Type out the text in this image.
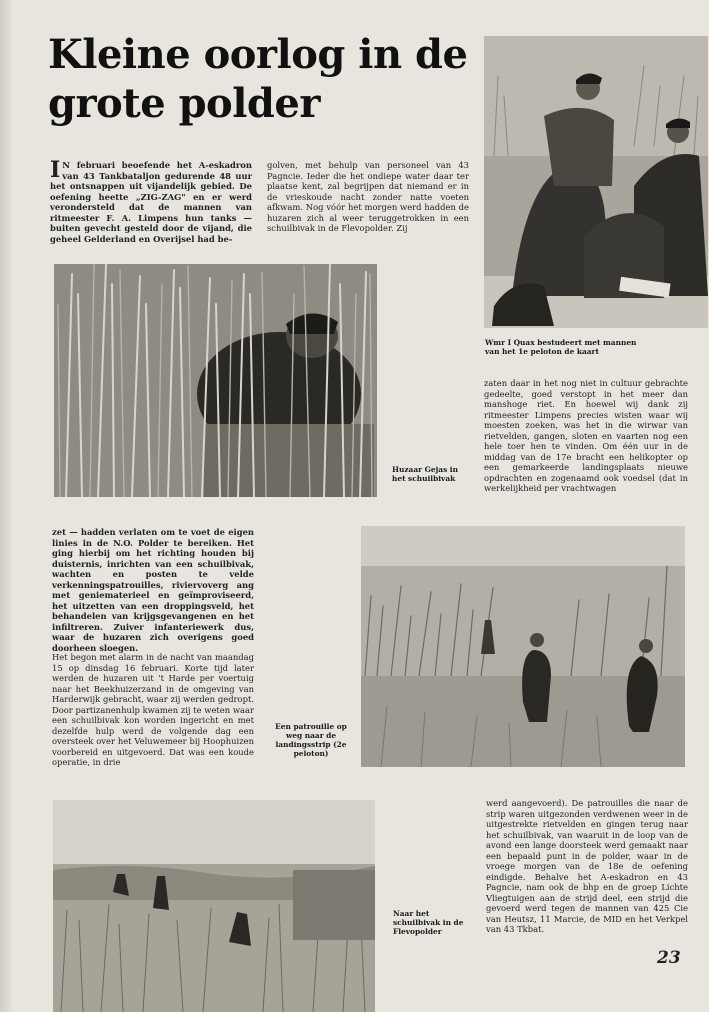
Kleine oorlog in de grote polder

I N februari beoefende het A-eskadron van 43 Tankbataljon gedurende 48 uur het ontsnappen uit vijandelijk gebied. De oefening heette „ZIG-ZAG" en er werd verondersteld dat de mannen van ritmeester F. A. Limpens hun tanks — buiten gevecht gesteld door de vijand, die geheel Gelderland en Overijsel had be-

golven, met behulp van personeel van 43 Pagncie. Ieder die het ondiepe water daar ter plaatse kent, zal begrijpen dat niemand er in de vrieskoude nacht zonder natte voeten afkwam. Nog vóór het morgen werd hadden de huzaren zich al weer teruggetrokken in een schuilbivak in de Flevopolder. Zij

Wmr I Quax bestudeert met mannen van het 1e peloton de kaart

Huzaar Gejas in het schuilbivak

zaten daar in het nog niet in cultuur gebrachte gedeelte, goed verstopt in het meer dan manshoge riet. En hoewel wij dank zij ritmeester Limpens precies wisten waar wij moesten zoeken, was het in die wirwar van rietvelden, gangen, sloten en vaarten nog een hele toer hen te vinden. Om één uur in de middag van de 17e bracht een helikopter op een gemarkeerde landingsplaats nieuwe opdrachten en zogenaamd ook voedsel (dat in werkelijkheid per vrachtwagen

zet — hadden verlaten om te voet de eigen linies in de N.O. Polder te bereiken. Het ging hierbij om het richting houden bij duisternis, inrichten van een schuilbivak, wachten en posten te velde verkenningspatrouilles, riviervoverg ang met geniematerieel en geïmproviseerd, het uitzetten van een droppingsveld, het behandelen van krijgsgevangenen en het infiltreren. Zuiver infanteriewerk dus, waar de huzaren zich overigens goed doorheen sloegen.

Het begon met alarm in de nacht van maandag 15 op dinsdag 16 februari. Korte tijd later werden de huzaren uit 't Harde per voertuig naar het Beekhuizerzand in de omgeving van Harderwijk gebracht, waar zij werden gedropt. Door partizanenhulp kwamen zij te weten waar een schuilbivak kon worden ingericht en met dezelfde hulp werd de volgende dag een oversteek over het Veluwemeer bij Hoophuizen voorbereid en uitgevoerd. Dat was een koude operatie, in drie

Een patrouille op weg naar de landingsstrip (2e peloton)

Naar het schuilbivak in de Flevopolder

werd aangevoerd). De patrouilles die naar de strip waren uitgezonden verdwenen weer in de uitgestrekte rietvelden en gingen terug naar het schuilbivak, van waaruit in de loop van de avond een lange doorsteek werd gemaakt naar een bepaald punt in de polder, waar in de vroege morgen van de 18e de oefening eindigde. Behalve het A-eskadron en 43 Pagncie, nam ook de bhp en de groep Lichte Vliegtuigen aan de strijd deel, een strijd die gevoerd werd tegen de mannen van 425 Cie van Heutsz, 11 Marcie, de MID en het Verkpel van 43 Tkbat.

23
